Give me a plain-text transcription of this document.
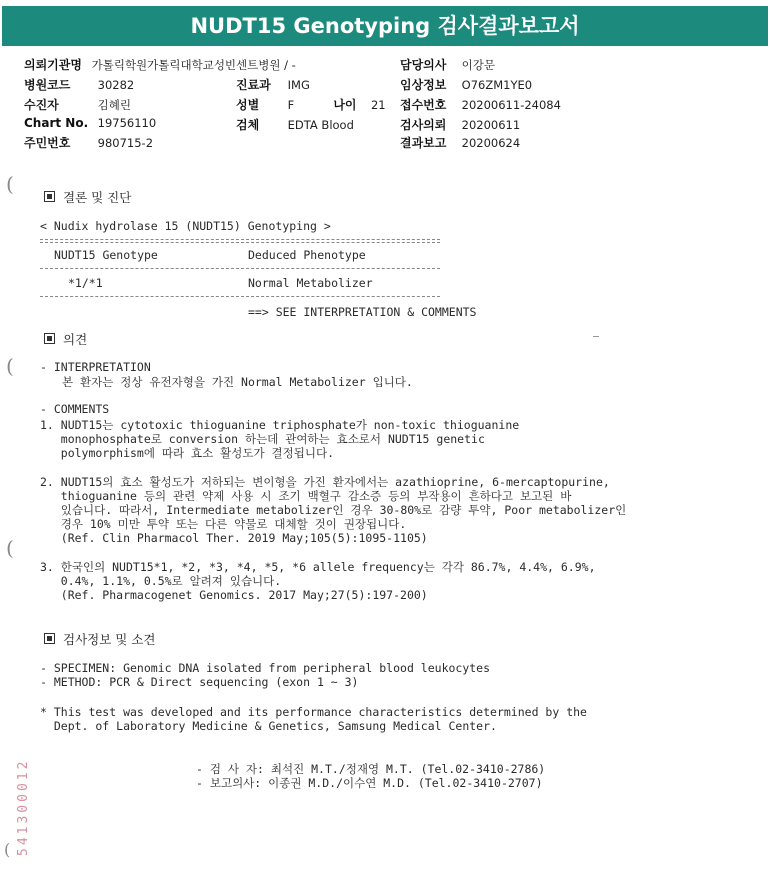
NUDT15 Genotyping 검사결과보고서
의뢰기관명 가톨릭학원가톨릭대학교성빈센트병원 / -
병원코드 30282
수진자	김혜린
Chart No. 19756110
주민번호 980715-2
진료과 IMG
성별 F	나이 21
검체 EDTA Blood
담당의사 이강문
임상정보 O76ZM1YE0
접수번호 20200611-24084
검사의뢰 20200611
결과보고 20200624
(
(
(
결론 및 진단
< Nudix hydrolase 15 (NUDT15) Genotyping >
NUDT15 Genotype	Deduced Phenotype
*1/*1	Normal Metabolizer
==> SEE INTERPRETATION & COMMENTS
의견
- INTERPRETATION
본 환자는 정상 유전자형을 가진 Normal Metabolizer 입니다.
- COMMENTS
1. NUDT15는 cytotoxic thioguanine triphosphate가 non-toxic thioguanine
monophosphate로 conversion 하는데 관여하는 효소로서 NUDT15 genetic
polymorphism에 따라 효소 활성도가 결정됩니다.
2. NUDT15의 효소 활성도가 저하되는 변이형을 가진 환자에서는 azathioprine, 6-mercaptopurine,
thioguanine 등의 관련 약제 사용 시 조기 백혈구 감소증 등의 부작용이 흔하다고 보고된 바
있습니다. 따라서, Intermediate metabolizer인 경우 30-80%로 감량 투약, Poor metabolizer인
경우 10% 미만 투약 또는 다른 약물로 대체할 것이 권장됩니다.
(Ref. Clin Pharmacol Ther. 2019 May;105(5):1095-1105)
3. 한국인의 NUDT15*1, *2, *3, *4, *5, *6 allele frequency는 각각 86.7%, 4.4%, 6.9%,
0.4%, 1.1%, 0.5%로 알려져 있습니다.
(Ref. Pharmacogenet Genomics. 2017 May;27(5):197-200)
검사정보 및 소견
- SPECIMEN: Genomic DNA isolated from peripheral blood leukocytes
- METHOD: PCR & Direct sequencing (exon 1 ~ 3)
* This test was developed and its performance characteristics determined by the
Dept. of Laboratory Medicine & Genetics, Samsung Medical Center.
- 검 사 자: 최석진 M.T./정재영 M.T. (Tel.02-3410-2786)
- 보고의사: 이종권 M.D./이수연 M.D. (Tel.02-3410-2707)
541300012
(
